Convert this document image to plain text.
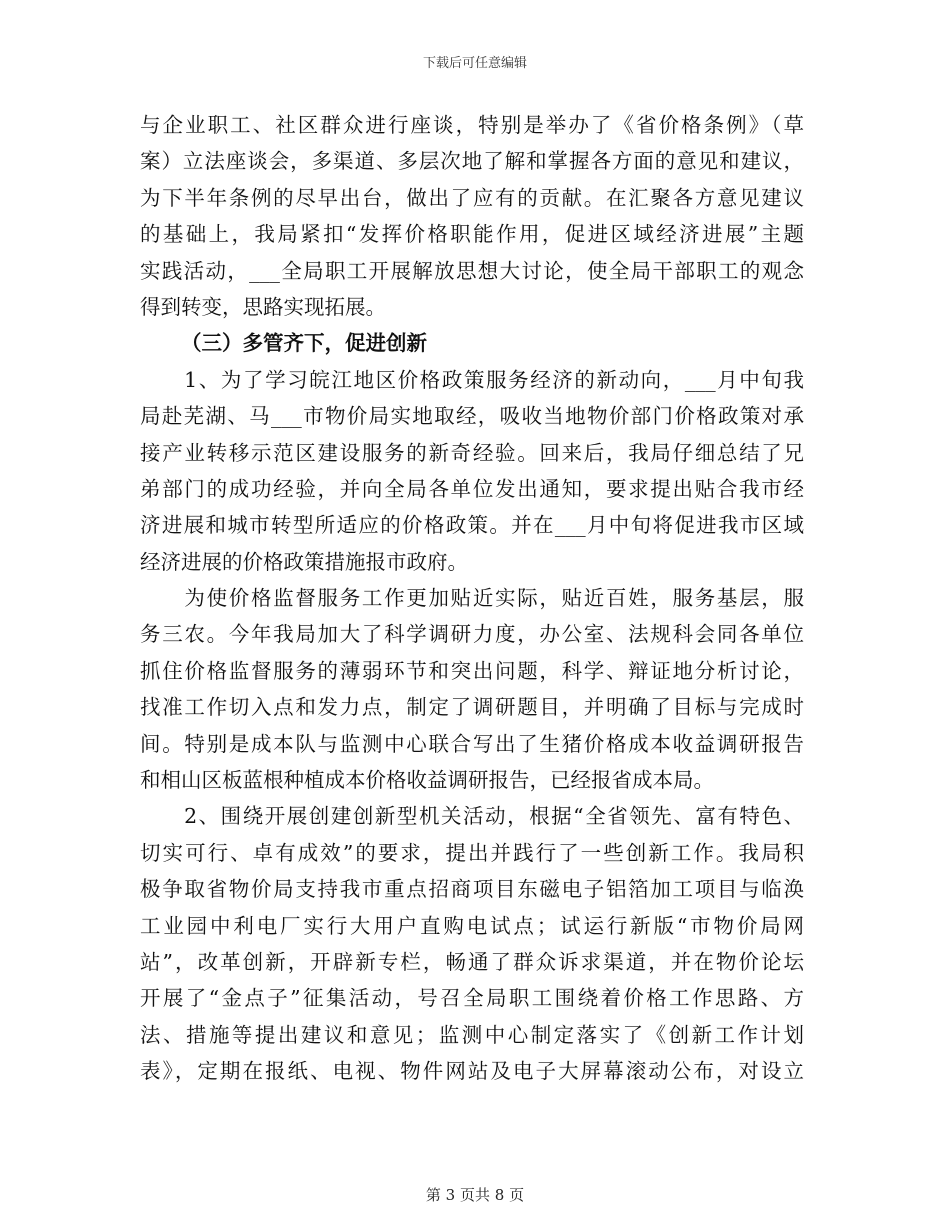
下载后可任意编辑
与企业职工、社区群众进行座谈，特别是举办了《省价格条例》（草
案）立法座谈会，多渠道、多层次地了解和掌握各方面的意见和建议，
为下半年条例的尽早出台，做出了应有的贡献。在汇聚各方意见建议
的基础上，我局紧扣“发挥价格职能作用，促进区域经济进展”主题
实践活动，___全局职工开展解放思想大讨论，使全局干部职工的观念
得到转变，思路实现拓展。
（三）多管齐下，促进创新
　　1、为了学习皖江地区价格政策服务经济的新动向，___月中旬我
局赴芜湖、马___市物价局实地取经，吸收当地物价部门价格政策对承
接产业转移示范区建设服务的新奇经验。回来后，我局仔细总结了兄
弟部门的成功经验，并向全局各单位发出通知，要求提出贴合我市经
济进展和城市转型所适应的价格政策。并在___月中旬将促进我市区域
经济进展的价格政策措施报市政府。
　　为使价格监督服务工作更加贴近实际，贴近百姓，服务基层，服
务三农。今年我局加大了科学调研力度，办公室、法规科会同各单位
抓住价格监督服务的薄弱环节和突出问题，科学、辩证地分析讨论，
找准工作切入点和发力点，制定了调研题目，并明确了目标与完成时
间。特别是成本队与监测中心联合写出了生猪价格成本收益调研报告
和相山区板蓝根种植成本价格收益调研报告，已经报省成本局。
　　2、围绕开展创建创新型机关活动，根据“全省领先、富有特色、
切实可行、卓有成效”的要求，提出并践行了一些创新工作。我局积
极争取省物价局支持我市重点招商项目东磁电子铝箔加工项目与临涣
工业园中利电厂实行大用户直购电试点；试运行新版“市物价局网
站”，改革创新，开辟新专栏，畅通了群众诉求渠道，并在物价论坛
开展了“金点子”征集活动，号召全局职工围绕着价格工作思路、方
法、措施等提出建议和意见；监测中心制定落实了《创新工作计划
表》，定期在报纸、电视、物件网站及电子大屏幕滚动公布，对设立
第 3 页共 8 页
